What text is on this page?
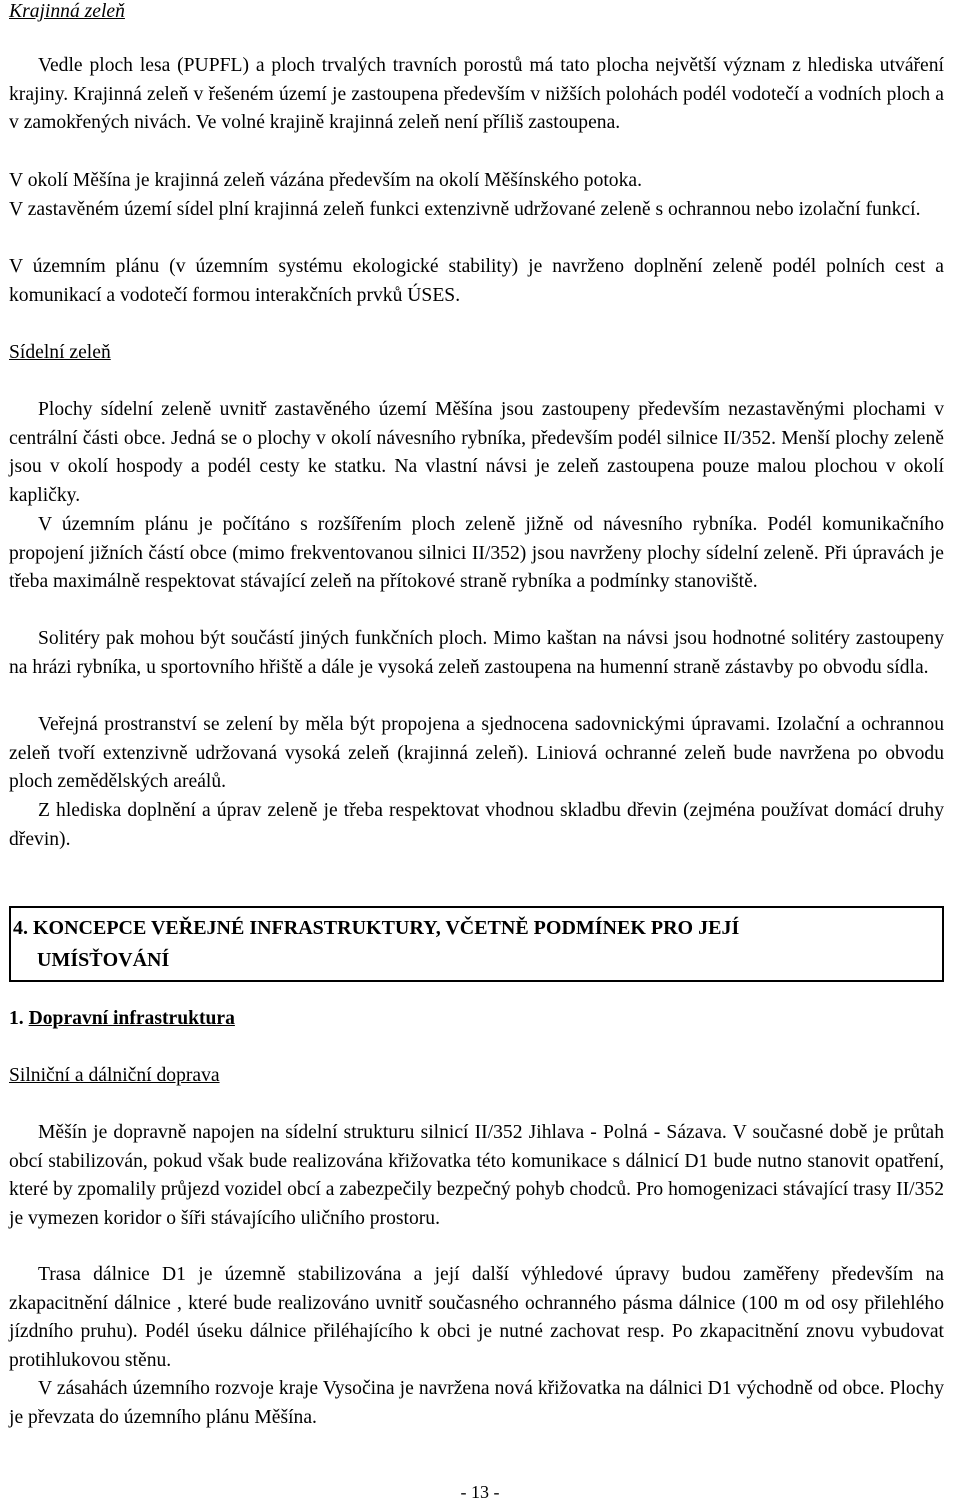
Krajinná zeleň

Vedle ploch lesa (PUPFL) a ploch trvalých travních porostů má tato plocha největší význam z hlediska utváření krajiny. Krajinná zeleň v řešeném území je zastoupena především v nižších polohách podél vodotečí a vodních ploch a v zamokřených nivách. Ve volné krajině krajinná zeleň není příliš zastoupena.

V okolí Měšína je krajinná zeleň vázána především na okolí Měšínského potoka.

V zastavěném území sídel plní krajinná zeleň funkci extenzivně udržované zeleně s ochrannou nebo izolační funkcí.

V územním plánu (v územním systému ekologické stability) je navrženo doplnění zeleně podél polních cest a komunikací a vodotečí formou interakčních prvků ÚSES.

Sídelní zeleň

Plochy sídelní zeleně uvnitř zastavěného území Měšína jsou zastoupeny především nezastavěnými plochami v centrální části obce. Jedná se o plochy v okolí návesního rybníka, především podél silnice II/352. Menší plochy zeleně jsou v okolí hospody a podél cesty ke statku. Na vlastní návsi je zeleň zastoupena pouze malou plochou v okolí kapličky.

V územním plánu je počítáno s rozšířením ploch zeleně jižně od návesního rybníka. Podél komunikačního propojení jižních částí obce (mimo frekventovanou silnici II/352) jsou navrženy plochy sídelní zeleně. Při úpravách je třeba maximálně respektovat stávající zeleň na přítokové straně rybníka a podmínky stanoviště.

Solitéry pak mohou být součástí jiných funkčních ploch. Mimo kaštan na návsi jsou hodnotné solitéry zastoupeny na hrázi rybníka, u sportovního hřiště a dále je vysoká zeleň zastoupena na humenní straně zástavby po obvodu sídla.

Veřejná prostranství se zelení by měla být propojena a sjednocena sadovnickými úpravami. Izolační a ochrannou zeleň tvoří extenzivně udržovaná vysoká zeleň (krajinná zeleň). Liniová ochranné zeleň bude navržena po obvodu ploch zemědělských areálů.

Z hlediska doplnění a úprav zeleně je třeba respektovat vhodnou skladbu dřevin (zejména používat domácí druhy dřevin).

4. KONCEPCE VEŘEJNÉ INFRASTRUKTURY, VČETNĚ PODMÍNEK PRO JEJÍ
UMÍSŤOVÁNÍ
1. Dopravní infrastruktura
Silniční a dálniční doprava

Měšín je dopravně napojen na sídelní strukturu silnicí II/352 Jihlava - Polná - Sázava. V současné době je průtah obcí stabilizován, pokud však bude realizována křižovatka této komunikace s dálnicí D1 bude nutno stanovit opatření, které by zpomalily průjezd vozidel obcí a zabezpečily bezpečný pohyb chodců. Pro homogenizaci stávající trasy II/352 je vymezen koridor o šíři stávajícího uličního prostoru.

Trasa dálnice D1 je územně stabilizována a její další výhledové úpravy budou zaměřeny především na zkapacitnění dálnice , které bude realizováno uvnitř současného ochranného pásma dálnice (100 m od osy přilehlého jízdního pruhu). Podél úseku dálnice přiléhajícího k obci je nutné zachovat resp. Po zkapacitnění znovu vybudovat protihlukovou stěnu.

V zásahách územního rozvoje kraje Vysočina je navržena nová křižovatka na dálnici D1 východně od obce. Plochy je převzata do územního plánu Měšína.

- 13 -
